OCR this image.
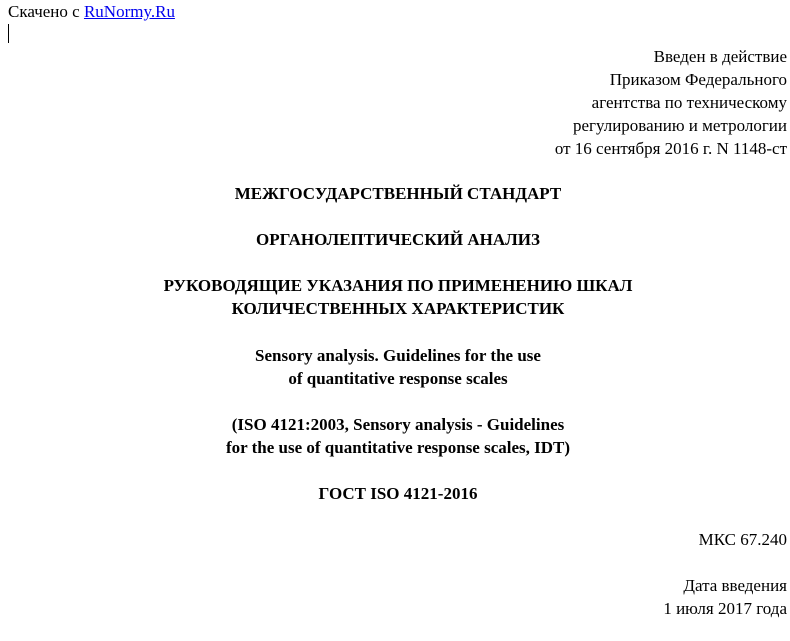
Скачено с RuNormy.Ru
Введен в действие
Приказом Федерального
агентства по техническому
регулированию и метрологии
от 16 сентября 2016 г. N 1148-ст
МЕЖГОСУДАРСТВЕННЫЙ СТАНДАРТ
ОРГАНОЛЕПТИЧЕСКИЙ АНАЛИЗ
РУКОВОДЯЩИЕ УКАЗАНИЯ ПО ПРИМЕНЕНИЮ ШКАЛ
КОЛИЧЕСТВЕННЫХ ХАРАКТЕРИСТИК
Sensory analysis. Guidelines for the use
of quantitative response scales
(ISO 4121:2003, Sensory analysis - Guidelines
for the use of quantitative response scales, IDT)
ГОСТ ISO 4121-2016
МКС 67.240
Дата введения
1 июля 2017 года
